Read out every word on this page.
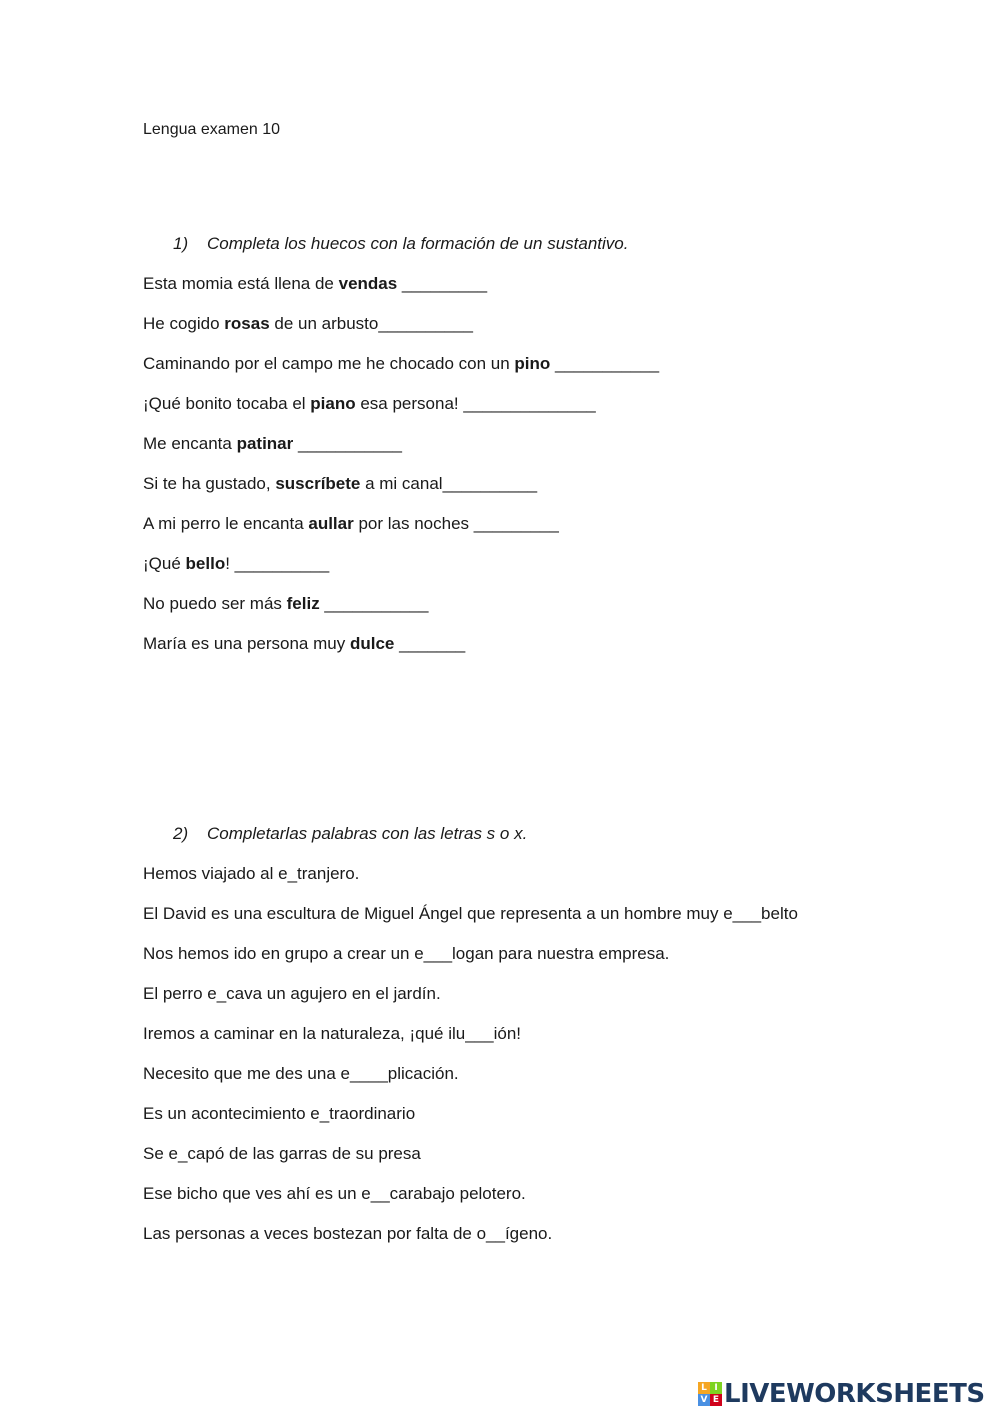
Lengua examen 10
1) Completa los huecos con la formación de un sustantivo.
Esta momia está llena de vendas _________
He cogido rosas de un arbusto__________
Caminando por el campo me he chocado con un pino ___________
¡Qué bonito tocaba el piano esa persona! ______________
Me encanta patinar ___________
Si te ha gustado, suscríbete a mi canal__________
A mi perro le encanta aullar por las noches _________
¡Qué bello! __________
No puedo ser más feliz ___________
María es una persona muy dulce _______
2) Completarlas palabras con las letras s o x.
Hemos viajado al e_tranjero.
El David es una escultura de Miguel Ángel que representa a un hombre muy e___belto
Nos hemos ido en grupo a crear un e___logan para nuestra empresa.
El perro e_cava un agujero en el jardín.
Iremos a caminar en la naturaleza, ¡qué ilu___ión!
Necesito que me des una e____plicación.
Es un acontecimiento e_traordinario
Se e_capó de las garras de su presa
Ese bicho que ves ahí es un e__carabajo pelotero.
Las personas a veces bostezan por falta de o__ígeno.
L I
V E LIVEWORKSHEETS
